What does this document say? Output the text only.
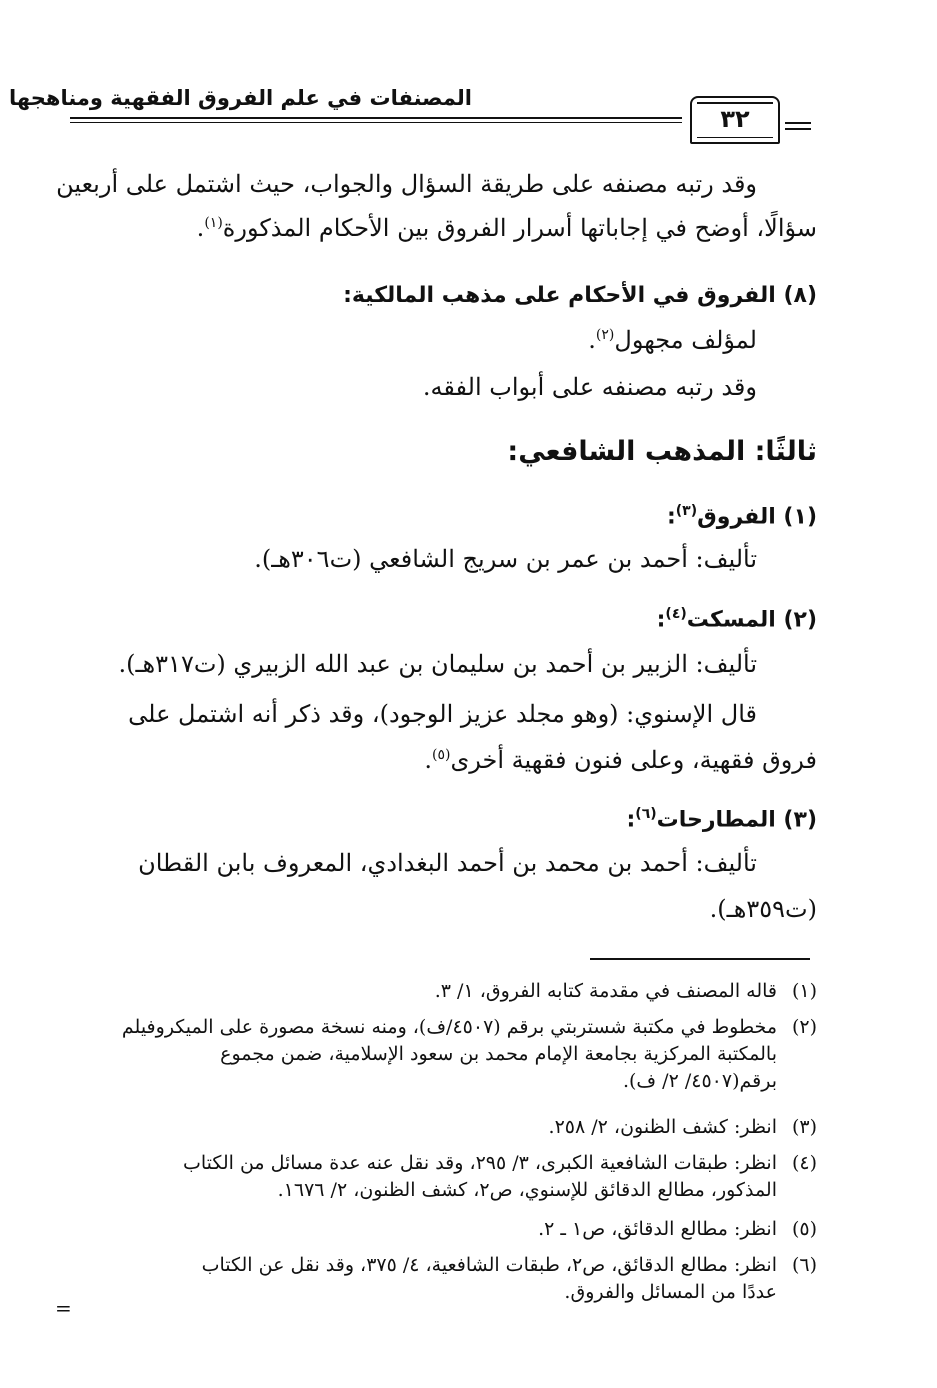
المصنفات في علم الفروق الفقهية ومناهجها
٣٢
وقد رتبه مصنفه على طريقة السؤال والجواب، حيث اشتمل على أربعين
سؤالًا، أوضح في إجاباتها أسرار الفروق بين الأحكام المذكورة$^{(١)}$.
(٨) الفروق في الأحكام على مذهب المالكية:
لمؤلف مجهول$^{(٢)}$.
وقد رتبه مصنفه على أبواب الفقه.
ثالثًا: المذهب الشافعي:
(١) الفروق$^{(٣)}$:
تأليف: أحمد بن عمر بن سريج الشافعي (ت٣٠٦هـ).
(٢) المسكت$^{(٤)}$:
تأليف: الزبير بن أحمد بن سليمان بن عبد الله الزبيري (ت٣١٧هـ).
قال الإسنوي: (وهو مجلد عزيز الوجود)، وقد ذكر أنه اشتمل على
فروق فقهية، وعلى فنون فقهية أخرى$^{(٥)}$.
(٣) المطارحات$^{(٦)}$:
تأليف: أحمد بن محمد بن أحمد البغدادي، المعروف بابن القطان
(ت٣٥٩هـ).
(١)قاله المصنف في مقدمة كتابه الفروق، ١/ ٣.
(٢)مخطوط في مكتبة شستربتي برقم (٤٥٠٧/ف)، ومنه نسخة مصورة على الميكروفيلم
بالمكتبة المركزية بجامعة الإمام محمد بن سعود الإسلامية، ضمن مجموع
برقم(٤٥٠٧/ ٢/ ف).
(٣)انظر: كشف الظنون، ٢/ ٢٥٨.
(٤)انظر: طبقات الشافعية الكبرى، ٣/ ٢٩٥، وقد نقل عنه عدة مسائل من الكتاب
المذكور، مطالع الدقائق للإسنوي، ص٢، كشف الظنون، ٢/ ١٦٧٦.
(٥)انظر: مطالع الدقائق، ص١ ـ ٢.
(٦)انظر: مطالع الدقائق، ص٢، طبقات الشافعية، ٤/ ٣٧٥، وقد نقل عن الكتاب
عددًا من المسائل والفروق.
=
